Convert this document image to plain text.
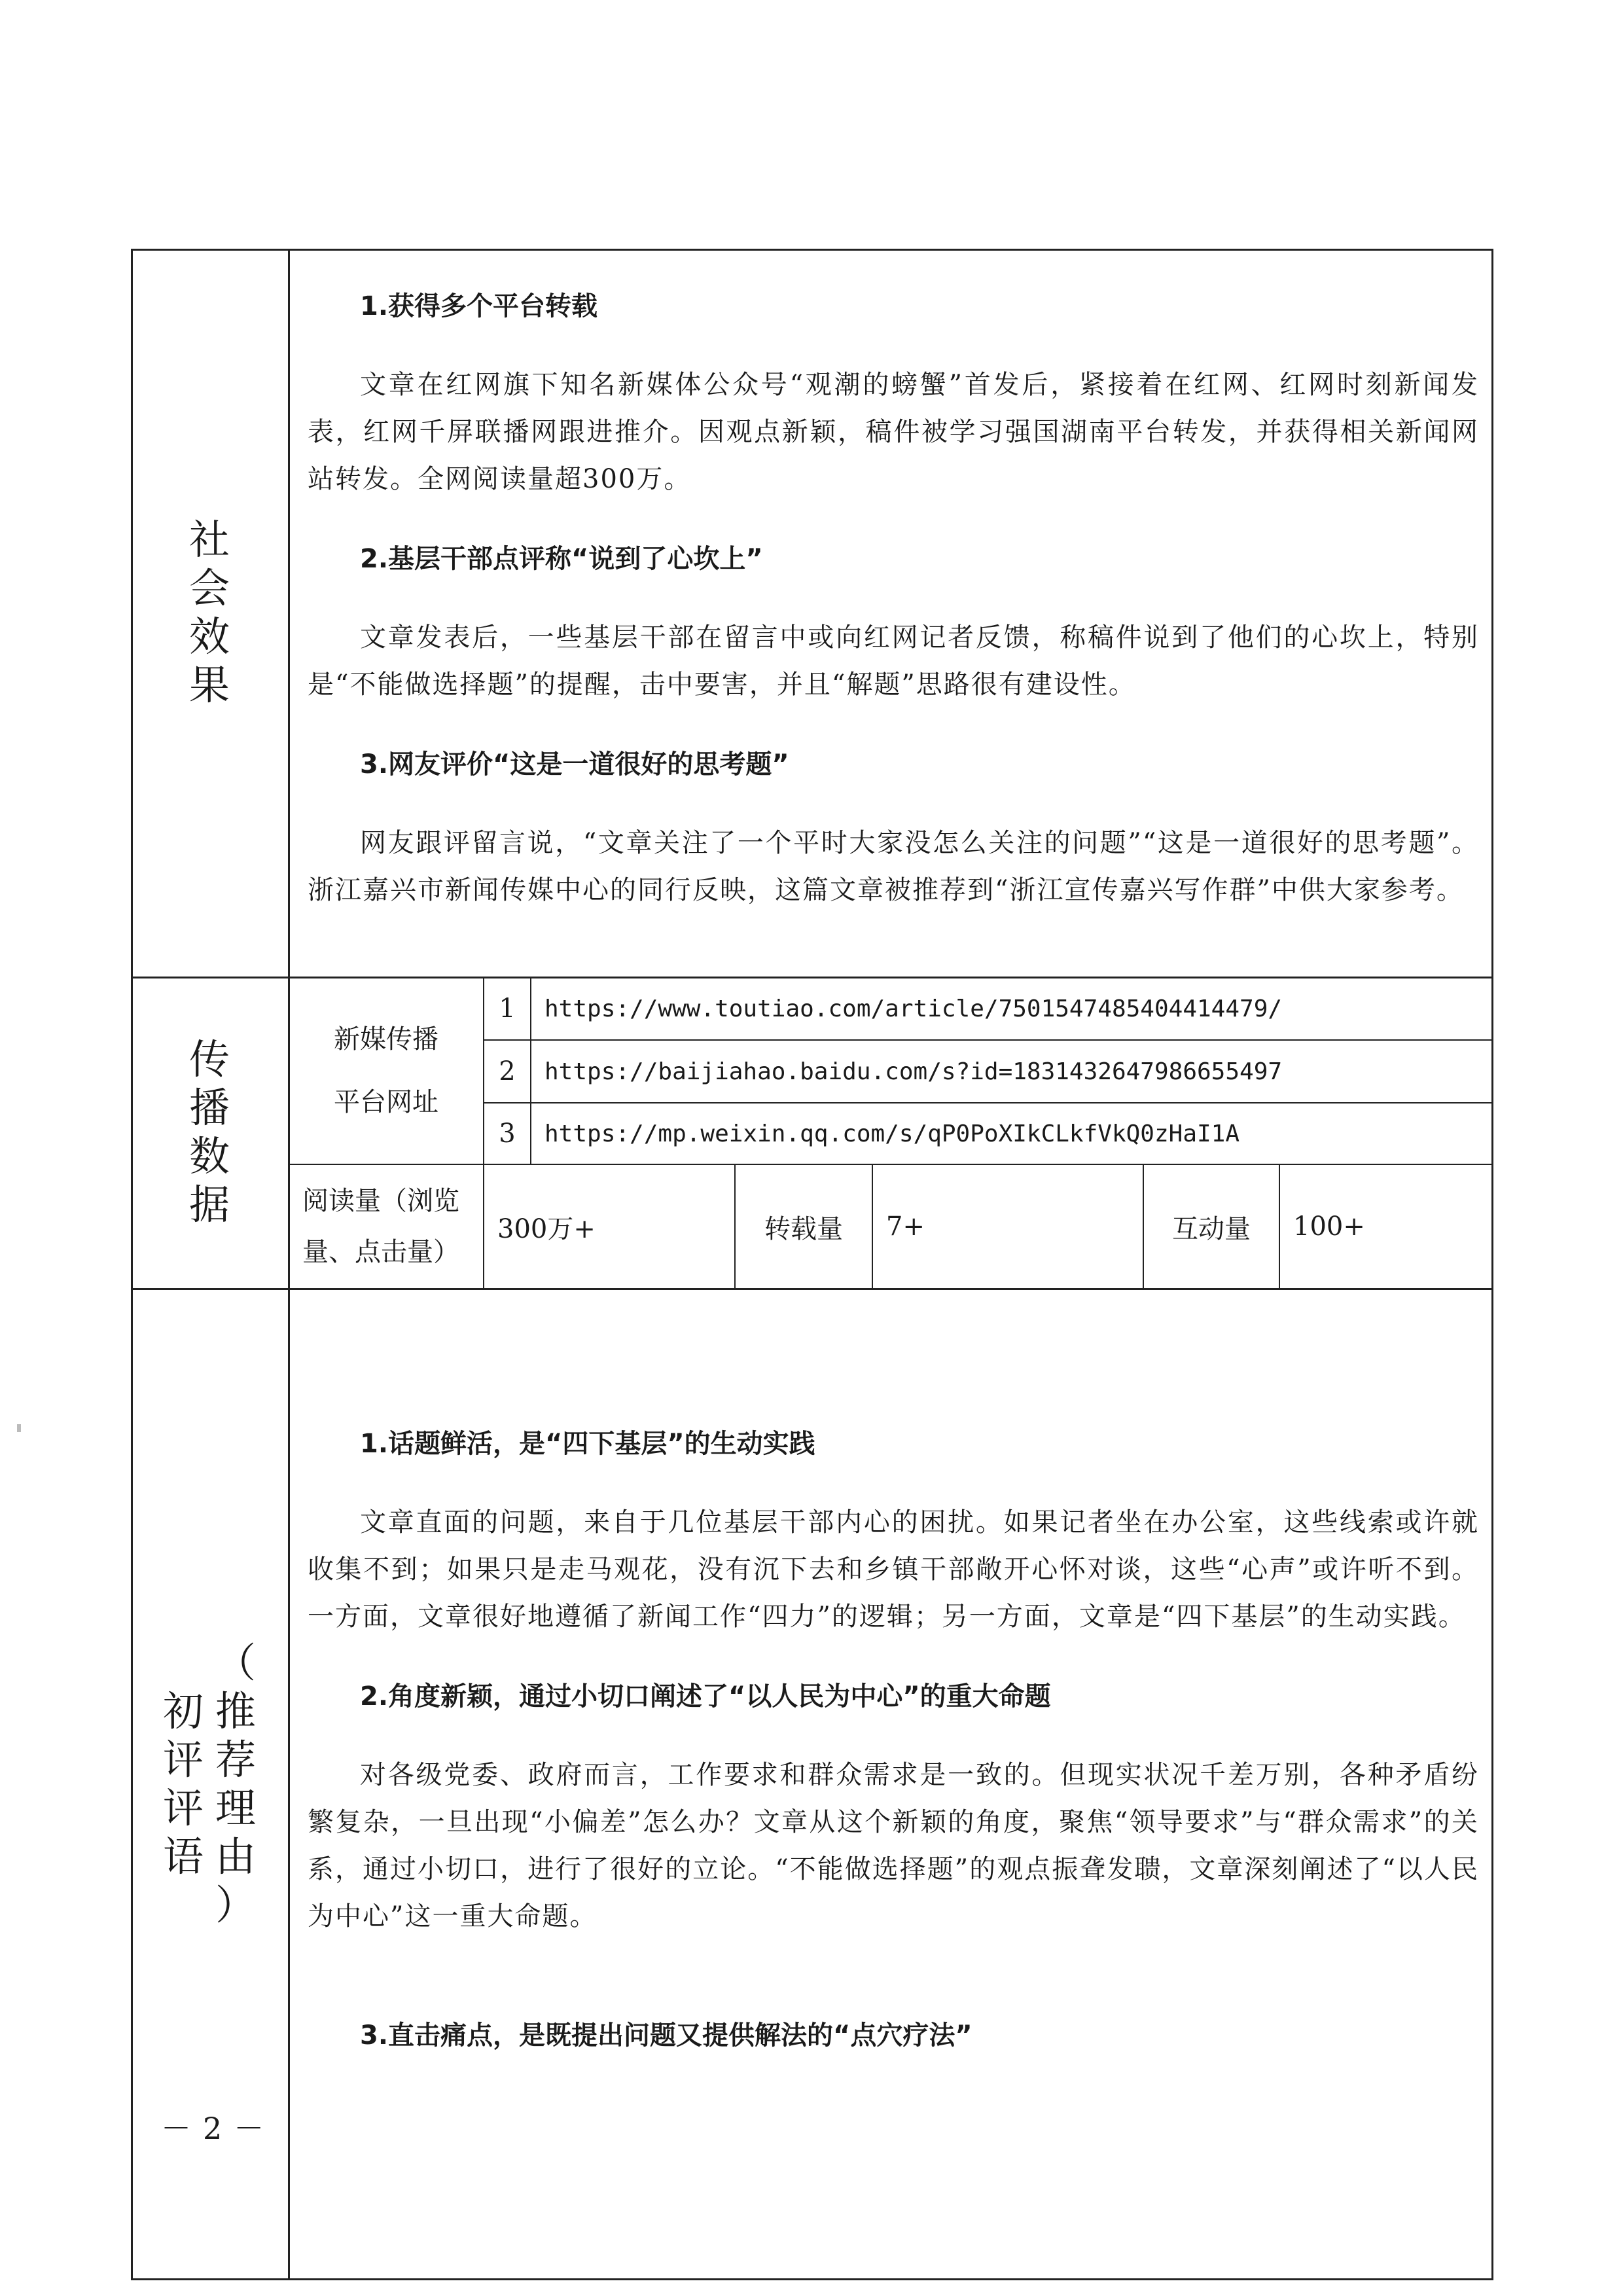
社
会
效
果
1.获得多个平台转载

文章在红网旗下知名新媒体公众号“观潮的螃蟹”首发后，紧接着在红网、红网时刻新闻发表，红网千屏联播网跟进推介。因观点新颖，稿件被学习强国湖南平台转发，并获得相关新闻网站转发。全网阅读量超300万。

2.基层干部点评称“说到了心坎上”

文章发表后，一些基层干部在留言中或向红网记者反馈，称稿件说到了他们的心坎上，特别是“不能做选择题”的提醒，击中要害，并且“解题”思路很有建设性。

3.网友评价“这是一道很好的思考题”

网友跟评留言说，“文章关注了一个平时大家没怎么关注的问题”“这是一道很好的思考题”。浙江嘉兴市新闻传媒中心的同行反映，这篇文章被推荐到“浙江宣传嘉兴写作群”中供大家参考。

传
播
数
据
新媒传播
平台网址
1	https://www.toutiao.com/article/7501547485404414479/
2	https://baijiahao.baidu.com/s?id=1831432647986655497
3	https://mp.weixin.qq.com/s/qP0PoXIkCLkfVkQ0zHaI1A
阅读量（浏览
量、点击量）
300万+	转载量	7+	互动量	100+
初
评
评
语
（
推
荐
理
由
）
1.话题鲜活，是“四下基层”的生动实践

文章直面的问题，来自于几位基层干部内心的困扰。如果记者坐在办公室，这些线索或许就收集不到；如果只是走马观花，没有沉下去和乡镇干部敞开心怀对谈，这些“心声”或许听不到。一方面，文章很好地遵循了新闻工作“四力”的逻辑；另一方面，文章是“四下基层”的生动实践。

2.角度新颖，通过小切口阐述了“以人民为中心”的重大命题

对各级党委、政府而言，工作要求和群众需求是一致的。但现实状况千差万别，各种矛盾纷繁复杂，一旦出现“小偏差”怎么办？文章从这个新颖的角度，聚焦“领导要求”与“群众需求”的关系，通过小切口，进行了很好的立论。“不能做选择题”的观点振聋发聩，文章深刻阐述了“以人民为中心”这一重大命题。

3.直击痛点，是既提出问题又提供解法的“点穴疗法”
－2－
